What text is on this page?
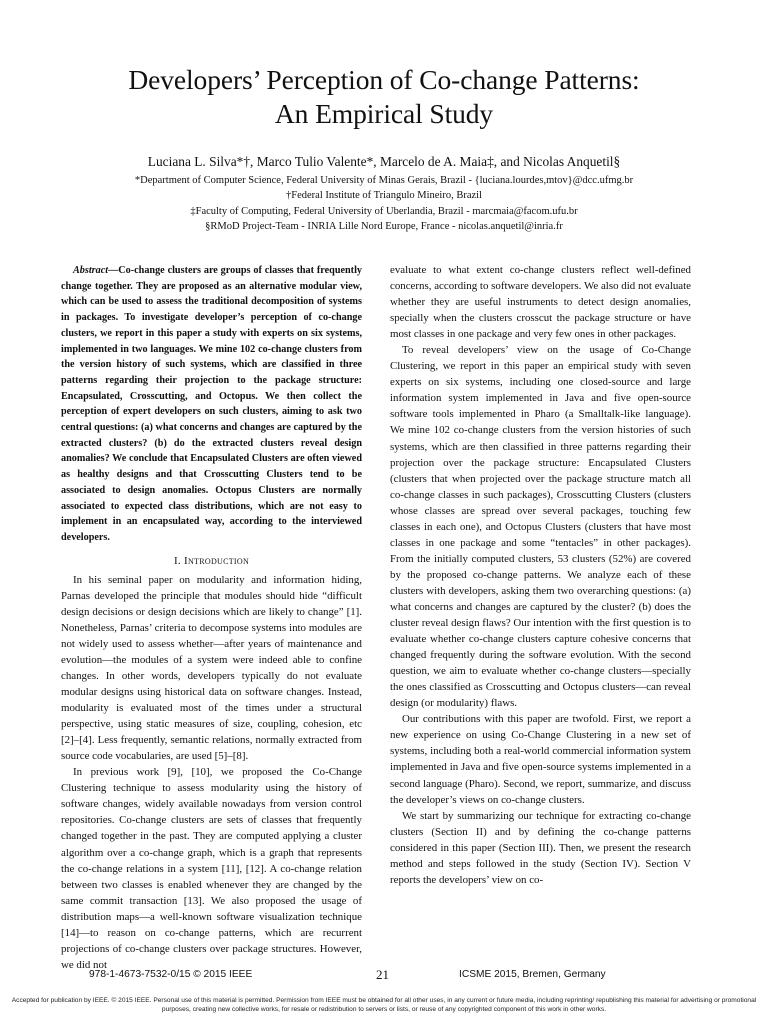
Developers’ Perception of Co-change Patterns:
An Empirical Study
Luciana L. Silva*†, Marco Tulio Valente*, Marcelo de A. Maia‡, and Nicolas Anquetil§
*Department of Computer Science, Federal University of Minas Gerais, Brazil - {luciana.lourdes,mtov}@dcc.ufmg.br
†Federal Institute of Triangulo Mineiro, Brazil
‡Faculty of Computing, Federal University of Uberlandia, Brazil - marcmaia@facom.ufu.br
§RMoD Project-Team - INRIA Lille Nord Europe, France - nicolas.anquetil@inria.fr

Abstract—Co-change clusters are groups of classes that frequently change together. They are proposed as an alternative modular view, which can be used to assess the traditional decomposition of systems in packages. To investigate developer’s perception of co-change clusters, we report in this paper a study with experts on six systems, implemented in two languages. We mine 102 co-change clusters from the version history of such systems, which are classified in three patterns regarding their projection to the package structure: Encapsulated, Crosscutting, and Octopus. We then collect the perception of expert developers on such clusters, aiming to ask two central questions: (a) what concerns and changes are captured by the extracted clusters? (b) do the extracted clusters reveal design anomalies? We conclude that Encapsulated Clusters are often viewed as healthy designs and that Crosscutting Clusters tend to be associated to design anomalies. Octopus Clusters are normally associated to expected class distributions, which are not easy to implement in an encapsulated way, according to the interviewed developers.

I. Introduction

In his seminal paper on modularity and information hiding, Parnas developed the principle that modules should hide “difficult design decisions or design decisions which are likely to change” [1]. Nonetheless, Parnas’ criteria to decompose systems into modules are not widely used to assess whether—after years of maintenance and evolution—the modules of a system were indeed able to confine changes. In other words, developers typically do not evaluate modular designs using historical data on software changes. Instead, modularity is evaluated most of the times under a structural perspective, using static measures of size, coupling, cohesion, etc [2]–[4]. Less frequently, semantic relations, normally extracted from source code vocabularies, are used [5]–[8].

In previous work [9], [10], we proposed the Co-Change Clustering technique to assess modularity using the history of software changes, widely available nowadays from version control repositories. Co-change clusters are sets of classes that frequently changed together in the past. They are computed applying a cluster algorithm over a co-change graph, which is a graph that represents the co-change relations in a system [11], [12]. A co-change relation between two classes is enabled whenever they are changed by the same commit transaction [13]. We also proposed the usage of distribution maps—a well-known software visualization technique [14]—to reason on co-change patterns, which are recurrent projections of co-change clusters over package structures. However, we did not

evaluate to what extent co-change clusters reflect well-defined concerns, according to software developers. We also did not evaluate whether they are useful instruments to detect design anomalies, specially when the clusters crosscut the package structure or have most classes in one package and very few ones in other packages.

To reveal developers’ view on the usage of Co-Change Clustering, we report in this paper an empirical study with seven experts on six systems, including one closed-source and large information system implemented in Java and five open-source software tools implemented in Pharo (a Smalltalk-like language). We mine 102 co-change clusters from the version histories of such systems, which are then classified in three patterns regarding their projection over the package structure: Encapsulated Clusters (clusters that when projected over the package structure match all co-change classes in such packages), Crosscutting Clusters (clusters whose classes are spread over several packages, touching few classes in each one), and Octopus Clusters (clusters that have most classes in one package and some “tentacles” in other packages). From the initially computed clusters, 53 clusters (52%) are covered by the proposed co-change patterns. We analyze each of these clusters with developers, asking them two overarching questions: (a) what concerns and changes are captured by the cluster? (b) does the cluster reveal design flaws? Our intention with the first question is to evaluate whether co-change clusters capture cohesive concerns that changed frequently during the software evolution. With the second question, we aim to evaluate whether co-change clusters—specially the ones classified as Crosscutting and Octopus clusters—can reveal design (or modularity) flaws.

Our contributions with this paper are twofold. First, we report a new experience on using Co-Change Clustering in a new set of systems, including both a real-world commercial information system implemented in Java and five open-source systems implemented in a second language (Pharo). Second, we report, summarize, and discuss the developer’s views on co-change clusters.

We start by summarizing our technique for extracting co-change clusters (Section II) and by defining the co-change patterns considered in this paper (Section III). Then, we present the research method and steps followed in the study (Section IV). Section V reports the developers’ view on co-

978-1-4673-7532-0/15 © 2015 IEEE	21	ICSME 2015, Bremen, Germany
Accepted for publication by IEEE. © 2015 IEEE. Personal use of this material is permitted. Permission from IEEE must be obtained for all other uses, in any current or future media, including reprinting/ republishing this material for advertising or promotional purposes, creating new collective works, for resale or redistribution to servers or lists, or reuse of any copyrighted component of this work in other works.
